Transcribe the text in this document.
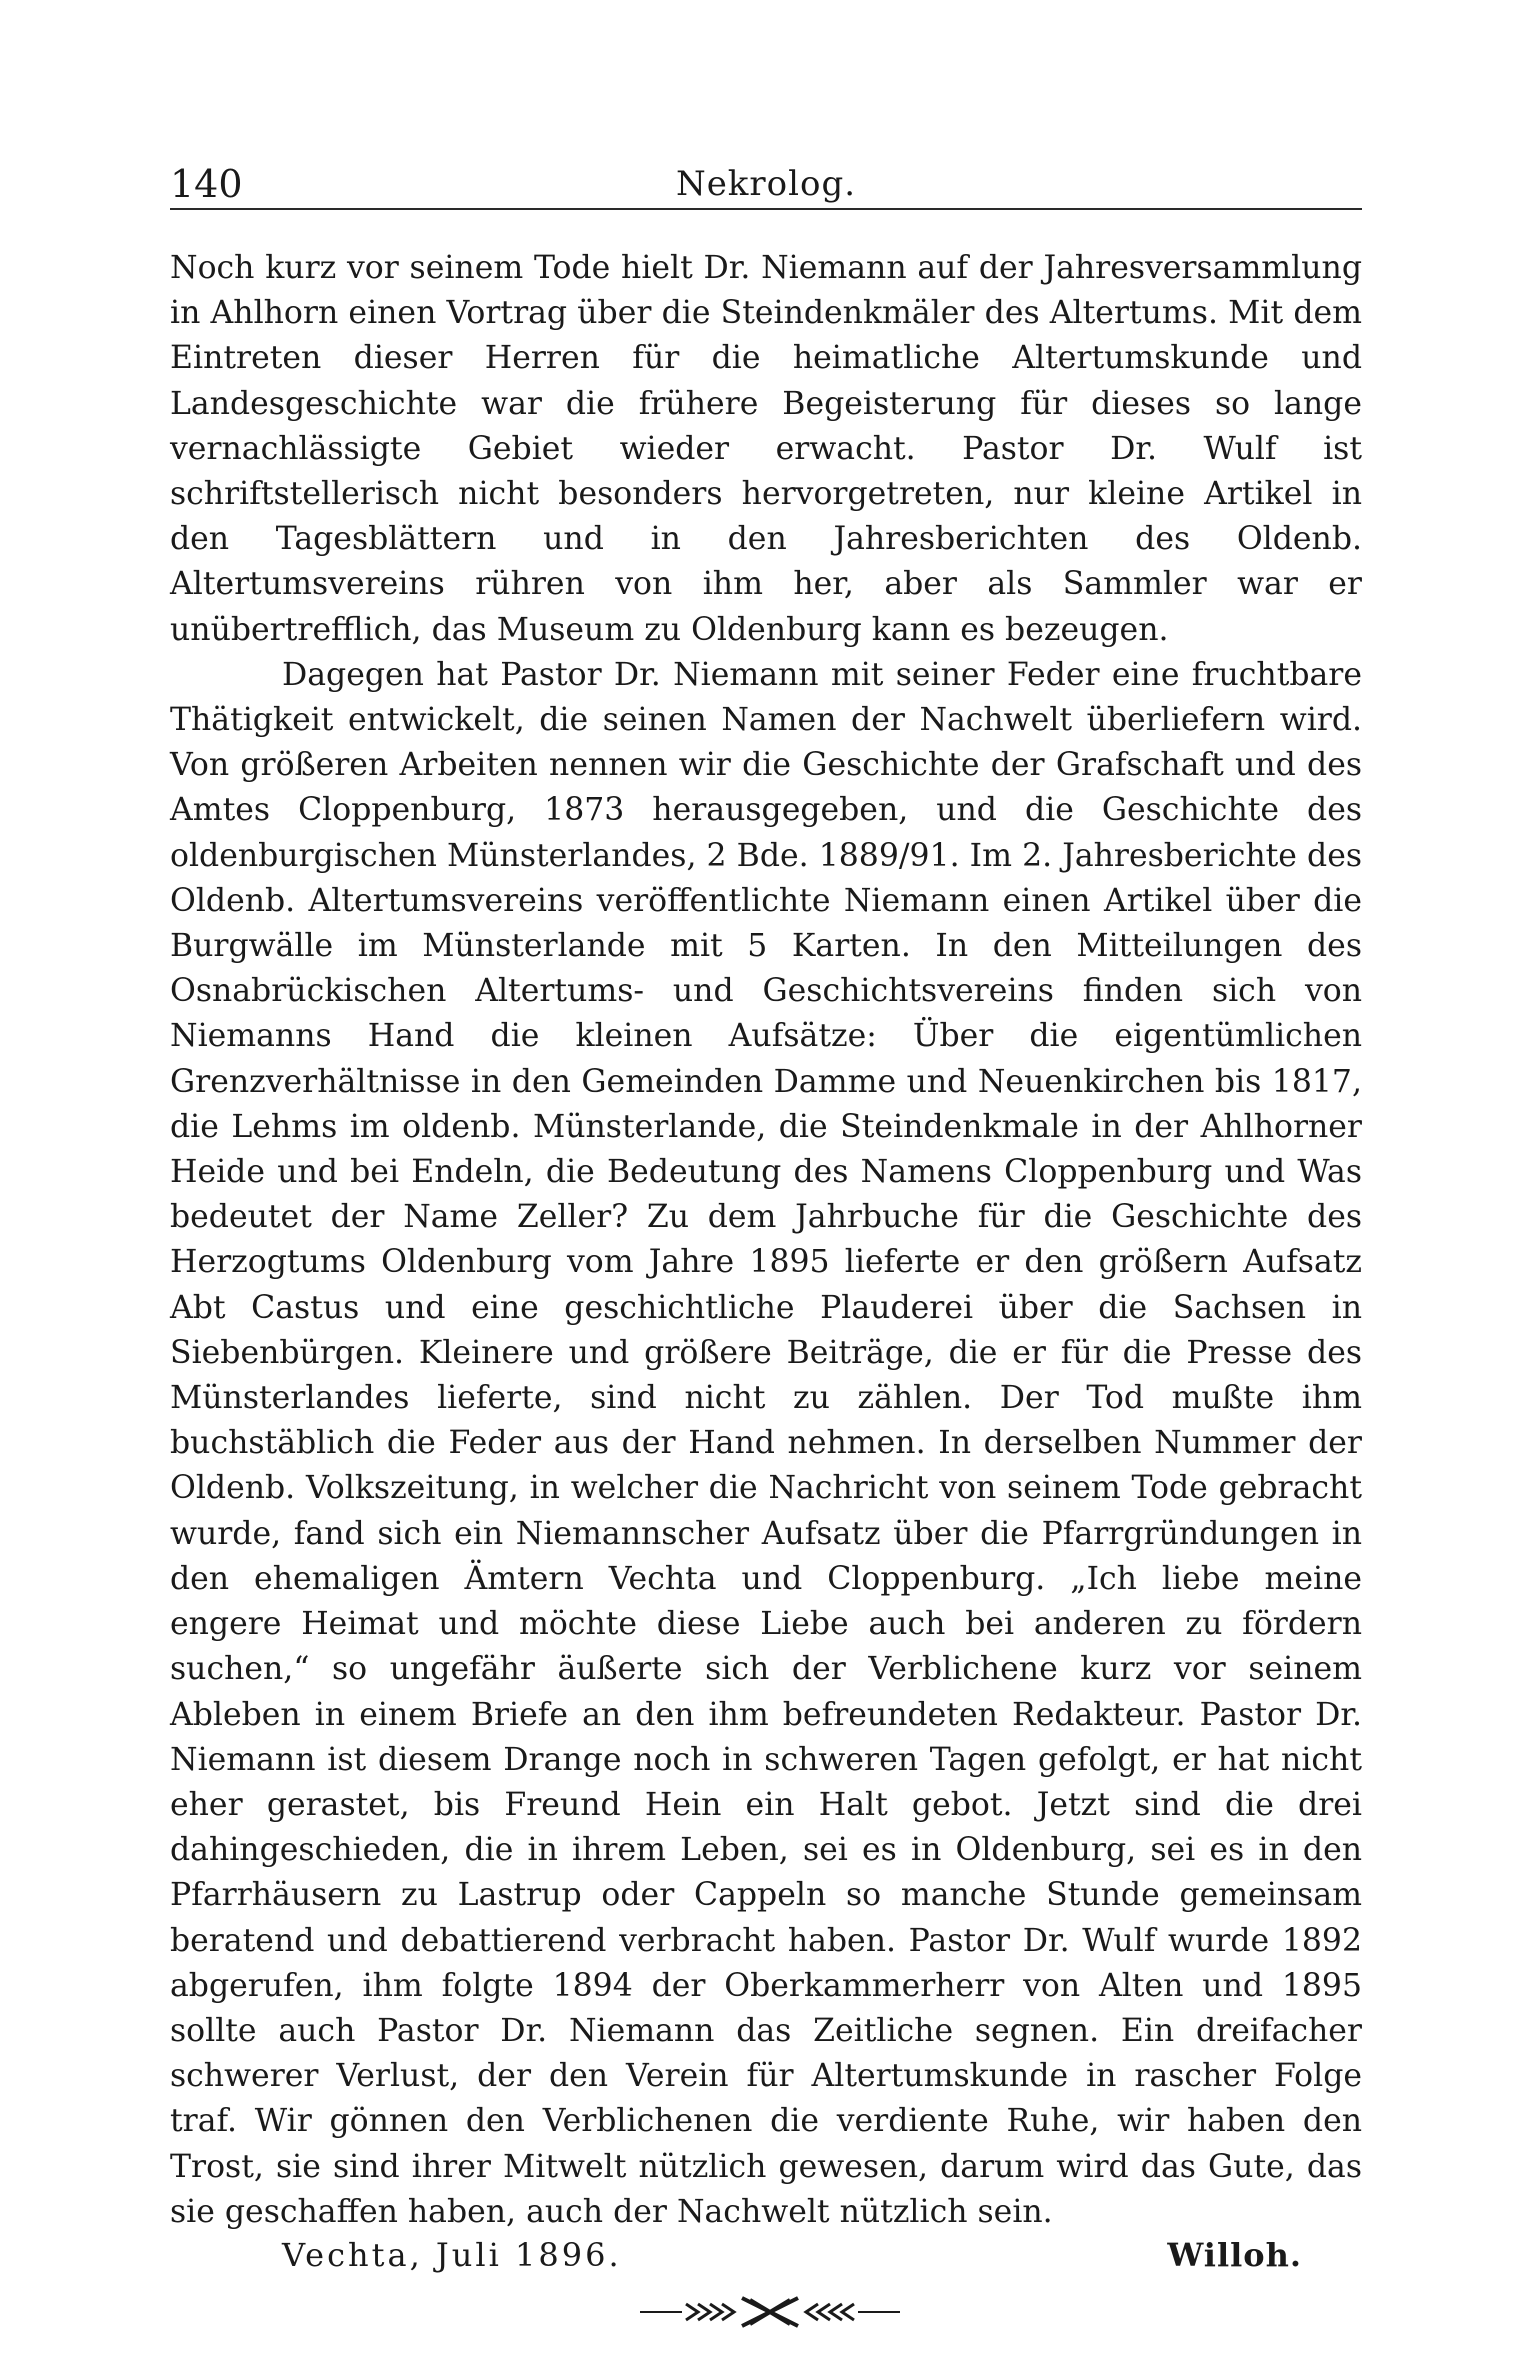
140	Nekrolog.

Noch kurz vor seinem Tode hielt Dr. Niemann auf der Jahresversammlung in Ahlhorn einen Vortrag über die Steindenkmäler des Altertums. Mit dem Eintreten dieser Herren für die heimatliche Altertumskunde und Landesgeschichte war die frühere Begeisterung für dieses so lange vernachlässigte Gebiet wieder erwacht. Pastor Dr. Wulf ist schriftstellerisch nicht besonders hervorgetreten, nur kleine Artikel in den Tagesblättern und in den Jahresberichten des Oldenb. Altertumsvereins rühren von ihm her, aber als Sammler war er unübertrefflich, das Museum zu Oldenburg kann es bezeugen.

Dagegen hat Pastor Dr. Niemann mit seiner Feder eine fruchtbare Thätigkeit entwickelt, die seinen Namen der Nachwelt überliefern wird. Von größeren Arbeiten nennen wir die Geschichte der Grafschaft und des Amtes Cloppenburg, 1873 herausgegeben, und die Geschichte des oldenburgischen Münsterlandes, 2 Bde. 1889/91. Im 2. Jahresberichte des Oldenb. Altertumsvereins veröffentlichte Niemann einen Artikel über die Burgwälle im Münsterlande mit 5 Karten. In den Mitteilungen des Osnabrückischen Altertums- und Geschichtsvereins finden sich von Niemanns Hand die kleinen Aufsätze: Über die eigentümlichen Grenzverhältnisse in den Gemeinden Damme und Neuenkirchen bis 1817, die Lehms im oldenb. Münsterlande, die Steindenkmale in der Ahlhorner Heide und bei Endeln, die Bedeutung des Namens Cloppenburg und Was bedeutet der Name Zeller? Zu dem Jahrbuche für die Geschichte des Herzogtums Oldenburg vom Jahre 1895 lieferte er den größern Aufsatz Abt Castus und eine geschichtliche Plauderei über die Sachsen in Siebenbürgen. Kleinere und größere Beiträge, die er für die Presse des Münsterlandes lieferte, sind nicht zu zählen. Der Tod mußte ihm buchstäblich die Feder aus der Hand nehmen. In derselben Nummer der Oldenb. Volkszeitung, in welcher die Nachricht von seinem Tode gebracht wurde, fand sich ein Niemannscher Aufsatz über die Pfarrgründungen in den ehemaligen Ämtern Vechta und Cloppenburg. „Ich liebe meine engere Heimat und möchte diese Liebe auch bei anderen zu fördern suchen,“ so ungefähr äußerte sich der Verblichene kurz vor seinem Ableben in einem Briefe an den ihm befreundeten Redakteur. Pastor Dr. Niemann ist diesem Drange noch in schweren Tagen gefolgt, er hat nicht eher gerastet, bis Freund Hein ein Halt gebot. Jetzt sind die drei dahingeschieden, die in ihrem Leben, sei es in Oldenburg, sei es in den Pfarrhäusern zu Lastrup oder Cappeln so manche Stunde gemeinsam beratend und debattierend verbracht haben. Pastor Dr. Wulf wurde 1892 abgerufen, ihm folgte 1894 der Oberkammerherr von Alten und 1895 sollte auch Pastor Dr. Niemann das Zeitliche segnen. Ein dreifacher schwerer Verlust, der den Verein für Altertumskunde in rascher Folge traf. Wir gönnen den Verblichenen die verdiente Ruhe, wir haben den Trost, sie sind ihrer Mitwelt nützlich gewesen, darum wird das Gute, das sie geschaffen haben, auch der Nachwelt nützlich sein.

Vechta, Juli 1896.	Willoh.
